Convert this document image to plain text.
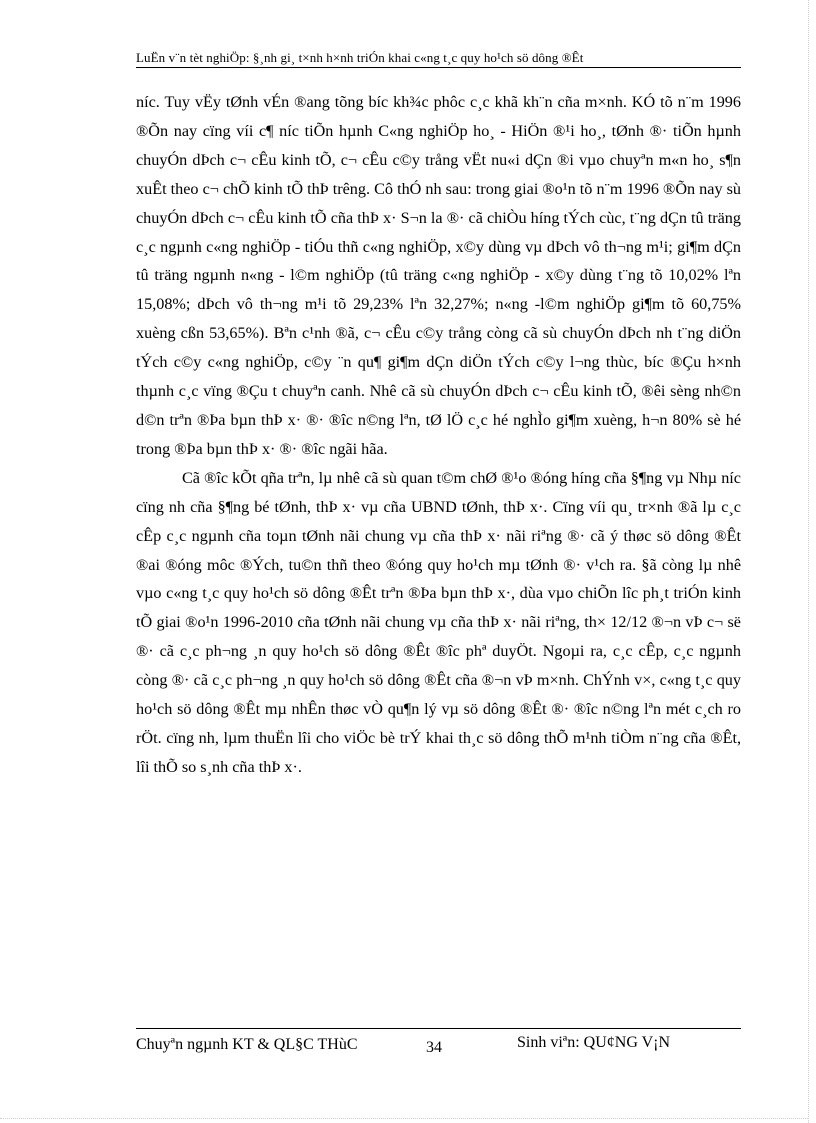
LuËn v¨n tèt nghiÖp: §¸nh gi¸ t×nh h×nh triÓn khai c«ng t¸c quy ho¹ch sö dông ®Êt

níc. Tuy vËy tØnh vÉn ®ang tõng bíc kh¾c phôc c¸c khã kh¨n cña m×nh. KÓ tõ n¨m 1996 ®Õn nay cïng víi c¶ níc tiÕn hµnh C«ng nghiÖp ho¸ - HiÖn ®¹i ho¸, tØnh ®· tiÕn hµnh chuyÓn dÞch c¬ cÊu kinh tÕ, c¬ cÊu c©y trång vËt nu«i dÇn ®i vµo chuyªn m«n ho¸ s¶n xuÊt theo c¬ chÕ kinh tÕ thÞ trêng. Cô thÓ nh sau: trong giai ®o¹n tõ n¨m 1996 ®Õn nay sù chuyÓn dÞch c¬ cÊu kinh tÕ cña thÞ x· S¬n la ®· cã chiÒu híng tÝch cùc, t¨ng dÇn tû träng c¸c ngµnh c«ng nghiÖp - tiÓu thñ c«ng nghiÖp, x©y dùng vµ dÞch vô th¬ng m¹i; gi¶m dÇn tû träng ngµnh n«ng - l©m nghiÖp (tû träng c«ng nghiÖp - x©y dùng t¨ng tõ 10,02% lªn 15,08%; dÞch vô th¬ng m¹i tõ 29,23% lªn 32,27%; n«ng -l©m nghiÖp gi¶m tõ 60,75% xuèng cßn 53,65%). Bªn c¹nh ®ã, c¬ cÊu c©y trång còng cã sù chuyÓn dÞch nh t¨ng diÖn tÝch c©y c«ng nghiÖp, c©y ¨n qu¶ gi¶m dÇn diÖn tÝch c©y l¬ng thùc, bíc ®Çu h×nh thµnh c¸c vïng ®Çu t chuyªn canh. Nhê cã sù chuyÓn dÞch c¬ cÊu kinh tÕ, ®êi sèng nh©n d©n trªn ®Þa bµn thÞ x· ®· ®îc n©ng lªn, tØ lÖ c¸c hé nghÌo gi¶m xuèng, h¬n 80% sè hé trong ®Þa bµn thÞ x· ®· ®îc ngãi hãa.

Cã ®îc kÕt qña trªn, lµ nhê cã sù quan t©m chØ ®¹o ®óng híng cña §¶ng vµ Nhµ níc cïng nh cña §¶ng bé tØnh, thÞ x· vµ cña UBND tØnh, thÞ x·. Cïng víi qu¸ tr×nh ®ã lµ c¸c cÊp c¸c ngµnh cña toµn tØnh nãi chung vµ cña thÞ x· nãi riªng ®· cã ý thøc sö dông ®Êt ®ai ®óng môc ®Ých, tu©n thñ theo ®óng quy ho¹ch mµ tØnh ®· v¹ch ra. §ã còng lµ nhê vµo c«ng t¸c quy ho¹ch sö dông ®Êt trªn ®Þa bµn thÞ x·, dùa vµo chiÕn lîc ph¸t triÓn kinh tÕ giai ®o¹n 1996-2010 cña tØnh nãi chung vµ cña thÞ x· nãi riªng, th× 12/12 ®¬n vÞ c¬ së ®· cã c¸c ph¬ng ¸n quy ho¹ch sö dông ®Êt ®îc phª duyÖt. Ngoµi ra, c¸c cÊp, c¸c ngµnh còng ®· cã c¸c ph¬ng ¸n quy ho¹ch sö dông ®Êt cña ®¬n vÞ m×nh. ChÝnh v×, c«ng t¸c quy ho¹ch sö dông ®Êt mµ nhÊn thøc vÒ qu¶n lý vµ sö dông ®Êt ®· ®îc n©ng lªn mét c¸ch ro rÖt. cïng nh, lµm thuËn lîi cho viÖc bè trÝ khai th¸c sö dông thÕ m¹nh tiÒm n¨ng cña ®Êt, lîi thÕ so s¸nh cña thÞ x·.

Chuyªn ngµnh KT & QL§C THùC	34	Sinh viªn: QU¢NG V¡N
